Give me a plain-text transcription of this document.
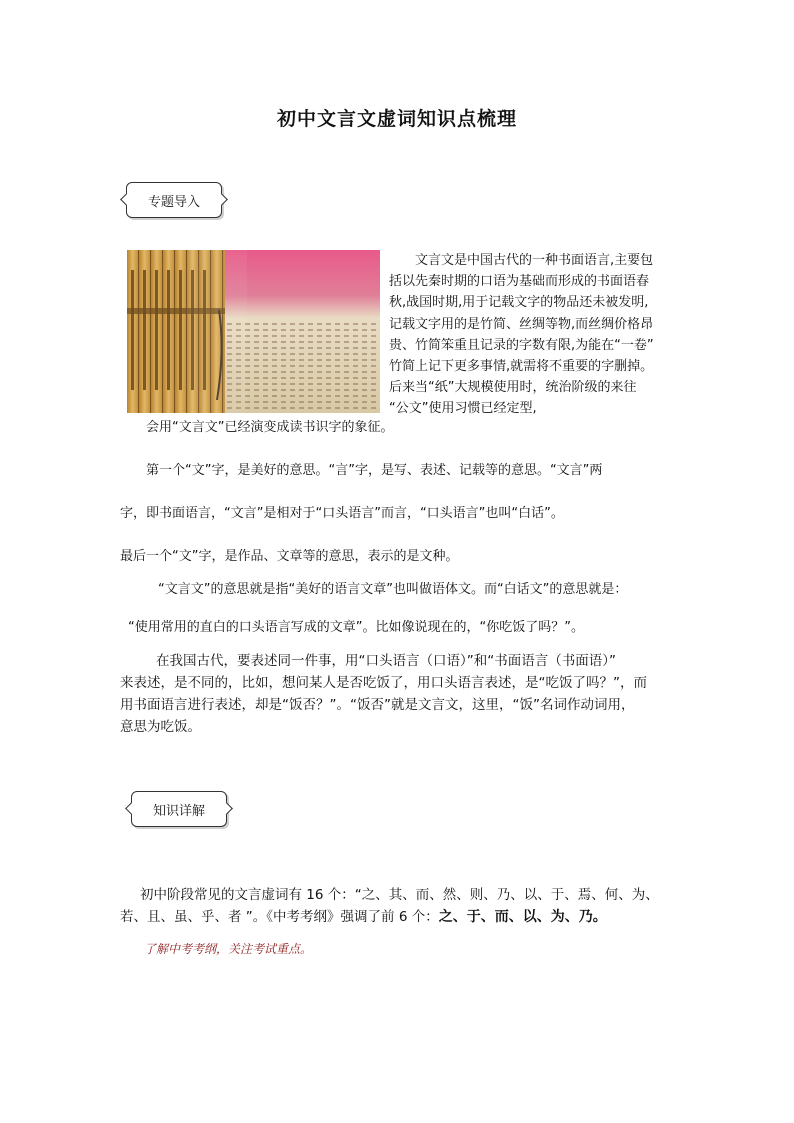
初中文言文虚词知识点梳理
专题导入
文言文是中国古代的一种书面语言,主要包
括以先秦时期的口语为基础而形成的书面语春
秋,战国时期,用于记载文字的物品还未被发明,
记载文字用的是竹简、丝绸等物,而丝绸价格昂
贵、竹简笨重且记录的字数有限,为能在“一卷”
竹简上记下更多事情,就需将不重要的字删掉。
后来当“纸”大规模使用时，统治阶级的来往
“公文”使用习惯已经定型,
会用“文言文”已经演变成读书识字的象征。
第一个“文”字，是美好的意思。“言”字，是写、表述、记载等的意思。“文言”两
字，即书面语言，“文言”是相对于“口头语言”而言，“口头语言”也叫“白话”。
最后一个“文”字，是作品、文章等的意思，表示的是文种。
“文言文”的意思就是指“美好的语言文章”也叫做语体文。而“白话文”的意思就是：
“使用常用的直白的口头语言写成的文章”。比如像说现在的，“你吃饭了吗？”。
在我国古代，要表述同一件事，用“口头语言（口语）”和“书面语言（书面语）”
来表述，是不同的，比如，想问某人是否吃饭了，用口头语言表述，是“吃饭了吗？”，而
用书面语言进行表述，却是“饭否？”。“饭否”就是文言文，这里，“饭”名词作动词用，
意思为吃饭。
知识详解
初中阶段常见的文言虚词有 16 个：“之、其、而、然、则、乃、以、于、焉、何、为、
若、且、虽、乎、者 ”。《中考考纲》强调了前 6 个：之、于、而、以、为、乃。
了解中考考纲，关注考试重点。
